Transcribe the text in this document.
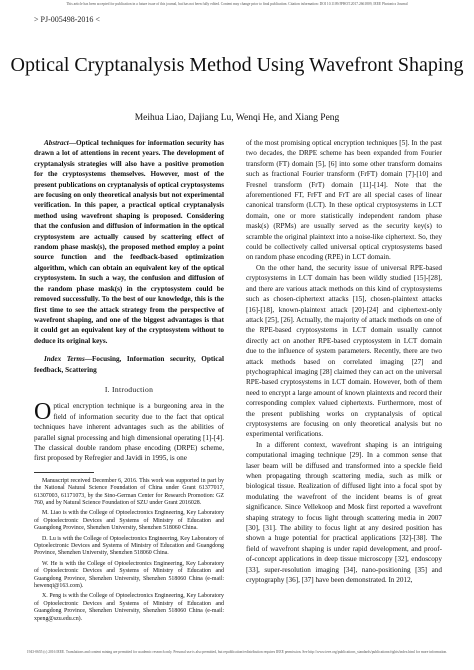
This article has been accepted for publication in a future issue of this journal, but has not been fully edited. Content may change prior to final publication. Citation information: DOI 10.1109/JPHOT.2017.2661809, IEEE Photonics Journal
> PJ-005498-2016 <
Optical Cryptanalysis Method Using Wavefront Shaping
Meihua Liao, Dajiang Lu, Wenqi He, and Xiang Peng

Abstract—Optical techniques for information security has drawn a lot of attentions in recent years. The development of cryptanalysis strategies will also have a positive promotion for the cryptosystems themselves. However, most of the present publications on cryptanalysis of optical cryptosystems are focusing on only theoretical analysis but not experimental verification. In this paper, a practical optical cryptanalysis method using wavefront shaping is proposed. Considering that the confusion and diffusion of information in the optical cryptosystem are actually caused by scattering effect of random phase mask(s), the proposed method employ a point source function and the feedback-based optimization algorithm, which can obtain an equivalent key of the optical cryptosystem. In such a way, the confusion and diffusion of the random phase mask(s) in the cryptosystem could be removed successfully. To the best of our knowledge, this is the first time to see the attack strategy from the perspective of wavefront shaping, and one of the biggest advantages is that it could get an equivalent key of the cryptosystem without to deduce its original keys.

Index Terms—Focusing, Information security, Optical feedback, Scattering

I. Introduction

Optical encryption technique is a burgeoning area in the field of information security due to the fact that optical techniques have inherent advantages such as the abilities of parallel signal processing and high dimensional operating [1]-[4]. The classical double random phase encoding (DRPE) scheme, first proposed by Refregier and Javidi in 1995, is one

Manuscript received December 6, 2016. This work was supported in part by the National Natural Science Foundation of China under Grant 61377017, 61307003, 61171073, by the Sino-German Center for Research Promotion: GZ 760, and by Natural Science Foundation of SZU under Grant 2016028.

M. Liao is with the College of Optoelectronics Engineering, Key Laboratory of Optoelectronic Devices and Systems of Ministry of Education and Guangdong Province, Shenzhen University, Shenzhen 518060 China.

D. Lu is with the College of Optoelectronics Engineering, Key Laboratory of Optoelectronic Devices and Systems of Ministry of Education and Guangdong Province, Shenzhen University, Shenzhen 518060 China.

W. He is with the College of Optoelectronics Engineering, Key Laboratory of Optoelectronic Devices and Systems of Ministry of Education and Guangdong Province, Shenzhen University, Shenzhen 518060 China (e-mail: hewenqi@163.com).

X. Peng is with the College of Optoelectronics Engineering, Key Laboratory of Optoelectronic Devices and Systems of Ministry of Education and Guangdong Province, Shenzhen University, Shenzhen 518060 China (e-mail: xpeng@szu.edu.cn).

of the most promising optical encryption techniques [5]. In the past two decades, the DRPE scheme has been expanded from Fourier transform (FT) domain [5], [6] into some other transform domains such as fractional Fourier transform (FrFT) domain [7]-[10] and Fresnel transform (FrT) domain [11]-[14]. Note that the aforementioned FT, FrFT and FrT are all special cases of linear canonical transform (LCT). In these optical cryptosystems in LCT domain, one or more statistically independent random phase mask(s) (RPMs) are usually served as the security key(s) to scramble the original plaintext into a noise-like ciphertext. So, they could be collectively called universal optical cryptosystems based on random phase encoding (RPE) in LCT domain.

On the other hand, the security issue of universal RPE-based cryptosystems in LCT domain has been wildly studied [15]-[28], and there are various attack methods on this kind of cryptosystems such as chosen-ciphertext attacks [15], chosen-plaintext attacks [16]-[18], known-plaintext attack [20]-[24] and ciphertext-only attack [25], [26]. Actually, the majority of attack methods on one of the RPE-based cryptosystems in LCT domain usually cannot directly act on another RPE-based cryptosystem in LCT domain due to the influence of system parameters. Recently, there are two attack methods based on correlated imaging [27] and ptychographical imaging [28] claimed they can act on the universal RPE-based cryptosystems in LCT domain. However, both of them need to encrypt a large amount of known plaintexts and record their corresponding complex valued ciphertexts. Furthermore, most of the present publishing works on cryptanalysis of optical cryptosystems are focusing on only theoretical analysis but no experimental verifications.

In a different context, wavefront shaping is an intriguing computational imaging technique [29]. In a common sense that laser beam will be diffused and transformed into a speckle field when propagating through scattering media, such as milk or biological tissue. Realization of diffused light into a focal spot by modulating the wavefront of the incident beams is of great significance. Since Vellekoop and Mosk first reported a wavefront shaping strategy to focus light through scattering media in 2007 [30], [31]. The ability to focus light at any desired position has shown a huge potential for practical applications [32]-[38]. The field of wavefront shaping is under rapid development, and proof-of-concept applications in deep tissue microscopy [32], endoscopy [33], super-resolution imaging [34], nano-positioning [35] and cryptography [36], [37] have been demonstrated. In 2012,

1943-0655 (c) 2016 IEEE. Translations and content mining are permitted for academic research only. Personal use is also permitted, but republication/redistribution requires IEEE permission. See http://www.ieee.org/publications_standards/publications/rights/index.html for more information.
